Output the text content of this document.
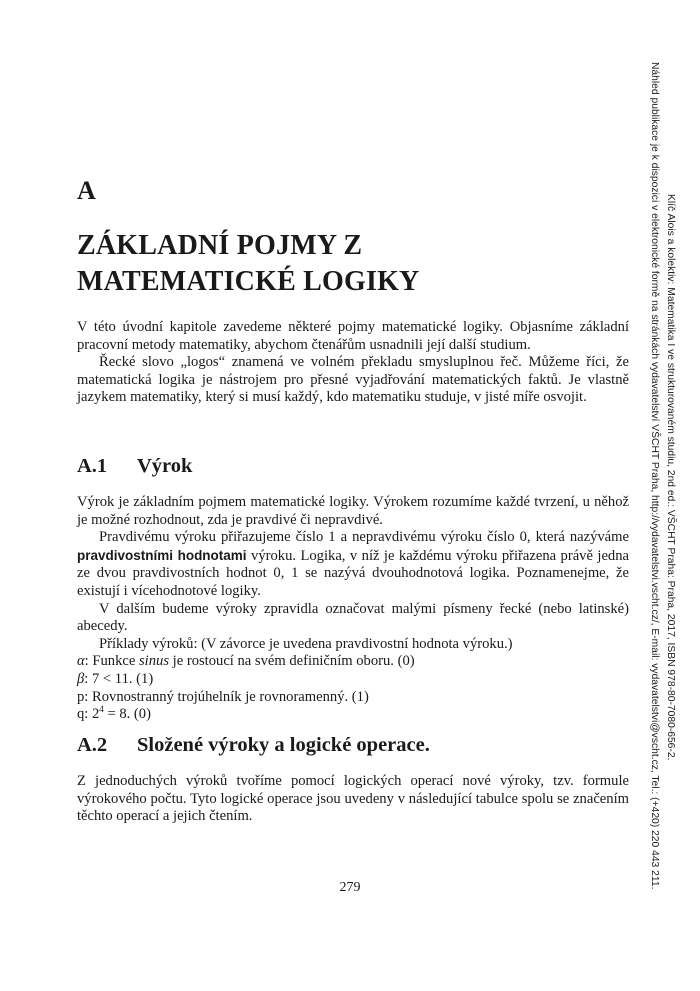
A
ZÁKLADNÍ POJMY Z
MATEMATICKÉ LOGIKY

V této úvodní kapitole zavedeme některé pojmy matematické logiky. Objasníme základní pracovní metody matematiky, abychom čtenářům usnadnili její další studium.

Řecké slovo „logos“ znamená ve volném překladu smysluplnou řeč. Můžeme říci, že matematická logika je nástrojem pro přesné vyjadřování matematických faktů. Je vlastně jazykem matematiky, který si musí každý, kdo matematiku studuje, v jisté míře osvojit.

A.1 Výrok

Výrok je základním pojmem matematické logiky. Výrokem rozumíme každé tvrzení, u něhož je možné rozhodnout, zda je pravdivé či nepravdivé.

Pravdivému výroku přiřazujeme číslo 1 a nepravdivému výroku číslo 0, která nazýváme pravdivostními hodnotami výroku. Logika, v níž je každému výroku přiřazena právě jedna ze dvou pravdivostních hodnot 0, 1 se nazývá dvouhodnotová logika. Poznamenejme, že existují i vícehodnotové logiky.

V dalším budeme výroky zpravidla označovat malými písmeny řecké (nebo latinské) abecedy.

Příklady výroků: (V závorce je uvedena pravdivostní hodnota výroku.)

α: Funkce sinus je rostoucí na svém definičním oboru. (0)

β: 7 < 11. (1)

p: Rovnostranný trojúhelník je rovnoramenný. (1)

q: $2^4 = 8$. (0)

A.2 Složené výroky a logické operace.

Z jednoduchých výroků tvoříme pomocí logických operací nové výroky, tzv. formule výrokového počtu. Tyto logické operace jsou uvedeny v následující tabulce spolu se značením těchto operací a jejich čtením.

279
Klíč Alois a kolektiv: Matematika I ve strukturovaném studiu, 2nd ed.: VŠCHT Praha: Praha, 2017, ISBN 978-80-7080-656-2.
Náhled publikace je k dispozici v elektronické formě na stránkách vydavatelství VŠCHT Praha, http://vydavatelstvi.vscht.cz/, E-mail: vydavatelstvi@vscht.cz, Tel.: (+420) 220 443 211.
